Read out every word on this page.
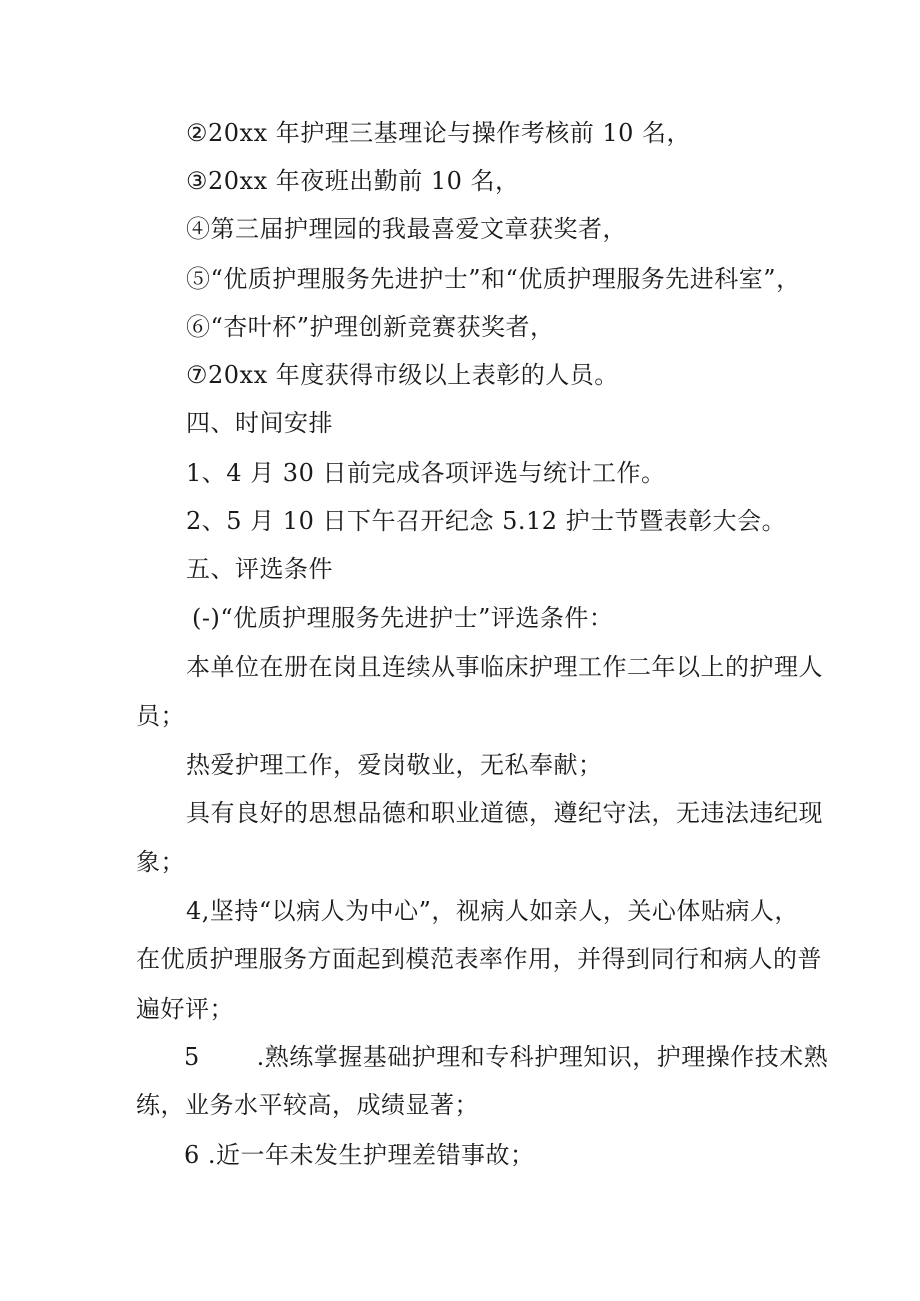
②20xx 年护理三基理论与操作考核前 10 名，

③20xx 年夜班出勤前 10 名，

④第三届护理园的我最喜爱文章获奖者，

⑤“优质护理服务先进护士”和“优质护理服务先进科室”，

⑥“杏叶杯”护理创新竞赛获奖者，

⑦20xx 年度获得市级以上表彰的人员。

四、时间安排

1、4 月 30 日前完成各项评选与统计工作。

2、5 月 10 日下午召开纪念 5.12 护士节暨表彰大会。

五、评选条件

(-)“优质护理服务先进护士”评选条件：

本单位在册在岗且连续从事临床护理工作二年以上的护理人

员；

热爱护理工作，爱岗敬业，无私奉献；

具有良好的思想品德和职业道德，遵纪守法，无违法违纪现

象；

4,坚持“以病人为中心”，视病人如亲人，关心体贴病人，

在优质护理服务方面起到模范表率作用，并得到同行和病人的普

遍好评；

5       .熟练掌握基础护理和专科护理知识，护理操作技术熟

练，业务水平较高，成绩显著；

6 .近一年未发生护理差错事故；
